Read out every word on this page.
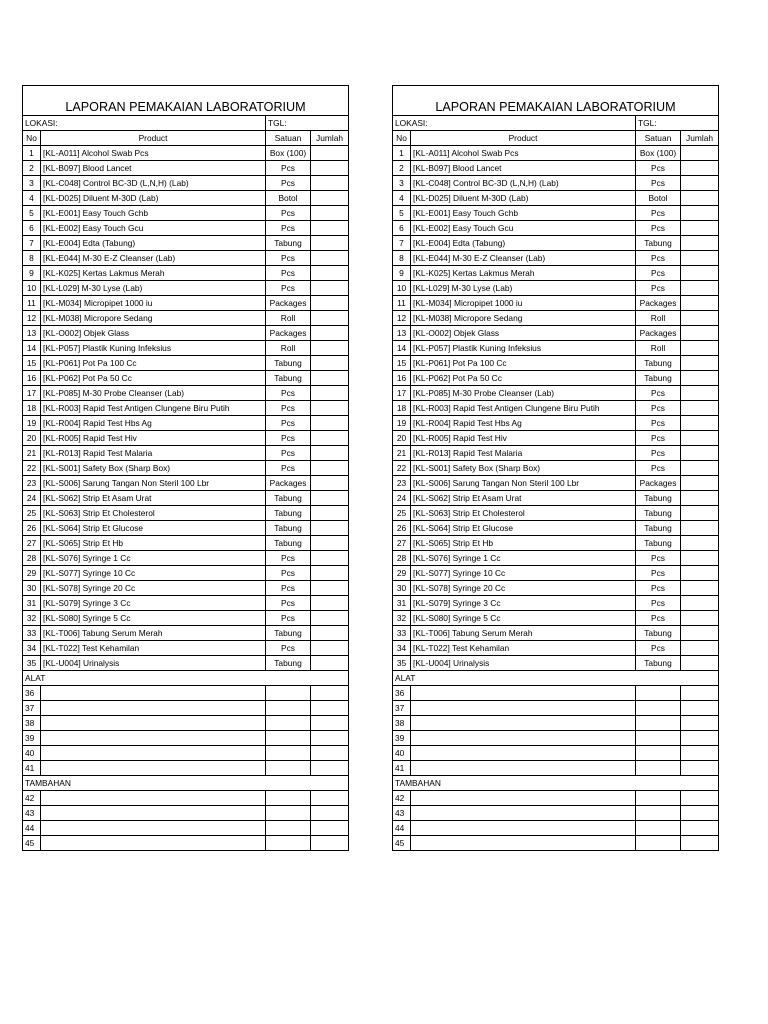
LAPORAN PEMAKAIAN LABORATORIUM			
LOKASI:		TGL:	
No	Product	Satuan	Jumlah
1	[KL-A011] Alcohol Swab Pcs	Box (100)	
2	[KL-B097] Blood Lancet	Pcs	
3	[KL-C048] Control BC-3D (L,N,H) (Lab)	Pcs	
4	[KL-D025] Diluent M-30D (Lab)	Botol	
5	[KL-E001] Easy Touch Gchb	Pcs	
6	[KL-E002] Easy Touch Gcu	Pcs	
7	[KL-E004] Edta (Tabung)	Tabung	
8	[KL-E044] M-30 E-Z Cleanser (Lab)	Pcs	
9	[KL-K025] Kertas Lakmus Merah	Pcs	
10	[KL-L029] M-30 Lyse (Lab)	Pcs	
11	[KL-M034] Micropipet 1000 iu	Packages	
12	[KL-M038] Micropore Sedang	Roll	
13	[KL-O002] Objek Glass	Packages	
14	[KL-P057] Plastik Kuning Infeksius	Roll	
15	[KL-P061] Pot Pa 100 Cc	Tabung	
16	[KL-P062] Pot Pa 50 Cc	Tabung	
17	[KL-P085] M-30 Probe Cleanser (Lab)	Pcs	
18	[KL-R003] Rapid Test Antigen Clungene Biru Putih	Pcs	
19	[KL-R004] Rapid Test Hbs Ag	Pcs	
20	[KL-R005] Rapid Test Hiv	Pcs	
21	[KL-R013] Rapid Test Malaria	Pcs	
22	[KL-S001] Safety Box (Sharp Box)	Pcs	
23	[KL-S006] Sarung Tangan Non Steril 100 Lbr	Packages	
24	[KL-S062] Strip Et Asam Urat	Tabung	
25	[KL-S063] Strip Et Cholesterol	Tabung	
26	[KL-S064] Strip Et Glucose	Tabung	
27	[KL-S065] Strip Et Hb	Tabung	
28	[KL-S076] Syringe 1 Cc	Pcs	
29	[KL-S077] Syringe 10 Cc	Pcs	
30	[KL-S078] Syringe 20 Cc	Pcs	
31	[KL-S079] Syringe 3 Cc	Pcs	
32	[KL-S080] Syringe 5 Cc	Pcs	
33	[KL-T006] Tabung Serum Merah	Tabung	
34	[KL-T022] Test Kehamilan	Pcs	
35	[KL-U004] Urinalysis	Tabung	
ALAT			
36			
37			
38			
39			
40			
41			
TAMBAHAN			
42			
43			
44			
45			
LAPORAN PEMAKAIAN LABORATORIUM			
LOKASI:		TGL:	
No	Product	Satuan	Jumlah
1	[KL-A011] Alcohol Swab Pcs	Box (100)	
2	[KL-B097] Blood Lancet	Pcs	
3	[KL-C048] Control BC-3D (L,N,H) (Lab)	Pcs	
4	[KL-D025] Diluent M-30D (Lab)	Botol	
5	[KL-E001] Easy Touch Gchb	Pcs	
6	[KL-E002] Easy Touch Gcu	Pcs	
7	[KL-E004] Edta (Tabung)	Tabung	
8	[KL-E044] M-30 E-Z Cleanser (Lab)	Pcs	
9	[KL-K025] Kertas Lakmus Merah	Pcs	
10	[KL-L029] M-30 Lyse (Lab)	Pcs	
11	[KL-M034] Micropipet 1000 iu	Packages	
12	[KL-M038] Micropore Sedang	Roll	
13	[KL-O002] Objek Glass	Packages	
14	[KL-P057] Plastik Kuning Infeksius	Roll	
15	[KL-P061] Pot Pa 100 Cc	Tabung	
16	[KL-P062] Pot Pa 50 Cc	Tabung	
17	[KL-P085] M-30 Probe Cleanser (Lab)	Pcs	
18	[KL-R003] Rapid Test Antigen Clungene Biru Putih	Pcs	
19	[KL-R004] Rapid Test Hbs Ag	Pcs	
20	[KL-R005] Rapid Test Hiv	Pcs	
21	[KL-R013] Rapid Test Malaria	Pcs	
22	[KL-S001] Safety Box (Sharp Box)	Pcs	
23	[KL-S006] Sarung Tangan Non Steril 100 Lbr	Packages	
24	[KL-S062] Strip Et Asam Urat	Tabung	
25	[KL-S063] Strip Et Cholesterol	Tabung	
26	[KL-S064] Strip Et Glucose	Tabung	
27	[KL-S065] Strip Et Hb	Tabung	
28	[KL-S076] Syringe 1 Cc	Pcs	
29	[KL-S077] Syringe 10 Cc	Pcs	
30	[KL-S078] Syringe 20 Cc	Pcs	
31	[KL-S079] Syringe 3 Cc	Pcs	
32	[KL-S080] Syringe 5 Cc	Pcs	
33	[KL-T006] Tabung Serum Merah	Tabung	
34	[KL-T022] Test Kehamilan	Pcs	
35	[KL-U004] Urinalysis	Tabung	
ALAT			
36			
37			
38			
39			
40			
41			
TAMBAHAN			
42			
43			
44			
45			
